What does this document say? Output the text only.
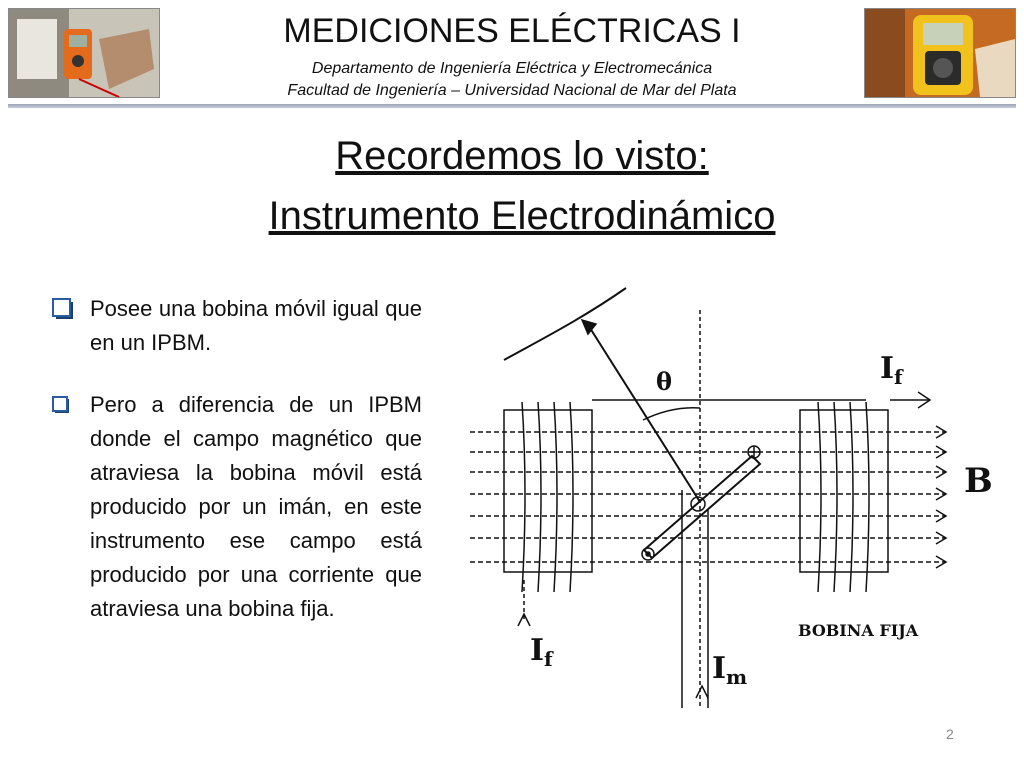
MEDICIONES ELÉCTRICAS I
Departamento de Ingeniería Eléctrica y Electromecánica
Facultad de Ingeniería – Universidad Nacional de Mar del Plata
Recordemos lo visto:
Instrumento Electrodinámico
Posee una bobina móvil igual que en un IPBM.
Pero a diferencia de un IPBM donde el campo magnético que atraviesa la bobina móvil está producido por un imán, en este instrumento ese campo está producido por una corriente que atraviesa una bobina fija.
θ	$I_f$
B
$I_f$	$I_m$
BOBINA FIJA
2
